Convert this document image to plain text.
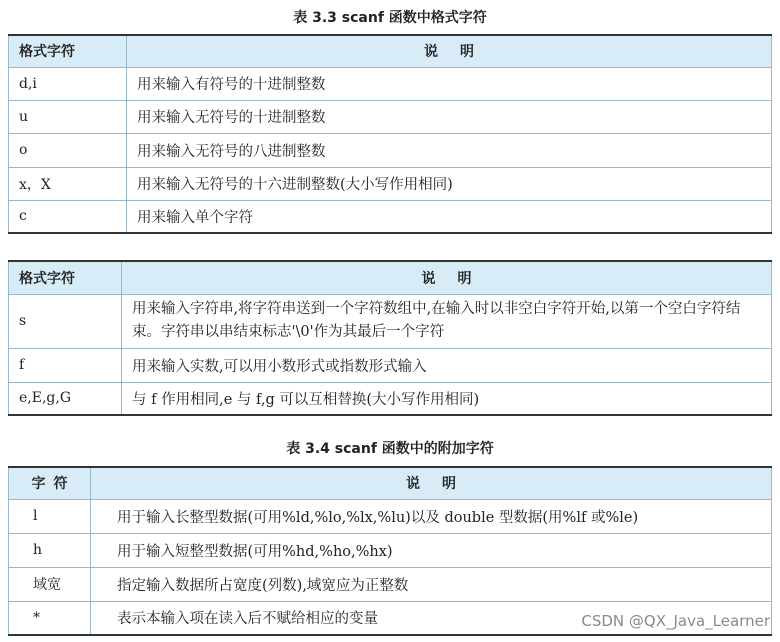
表 3.3 scanf 函数中格式字符
格式字符	说明
d,i	用来输入有符号的十进制整数
u	用来输入无符号的十进制整数
o	用来输入无符号的八进制整数
x，X	用来输入无符号的十六进制整数(大小写作用相同)
c	用来输入单个字符
格式字符	说明
s	用来输入字符串,将字符串送到一个字符数组中,在输入时以非空白字符开始,以第一个空白字符结束。字符串以串结束标志'\0'作为其最后一个字符
f	用来输入实数,可以用小数形式或指数形式输入
e,E,g,G	与 f 作用相同,e 与 f,g 可以互相替换(大小写作用相同)
表 3.4 scanf 函数中的附加字符
字符	说明
l	用于输入长整型数据(可用%ld,%lo,%lx,%lu)以及 double 型数据(用%lf 或%le)
h	用于输入短整型数据(可用%hd,%ho,%hx)
域宽	指定输入数据所占宽度(列数),域宽应为正整数
*	表示本输入项在读入后不赋给相应的变量	CSDN @QX_Java_Learner
